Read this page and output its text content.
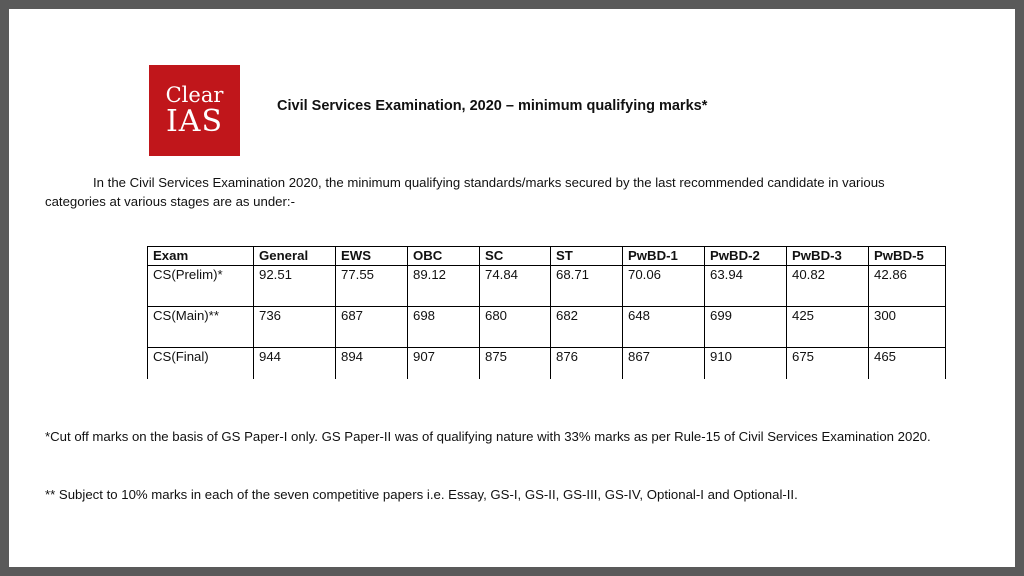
Clear
IAS	Civil Services Examination, 2020 – minimum qualifying marks*
In the Civil Services Examination 2020, the minimum qualifying standards/marks secured by the last recommended candidate in various
categories at various stages are as under:-
Exam	General	EWS	OBC	SC	ST	PwBD-1	PwBD-2	PwBD-3	PwBD-5
CS(Prelim)*	92.51	77.55	89.12	74.84	68.71	70.06	63.94	40.82	42.86
CS(Main)**	736	687	698	680	682	648	699	425	300
CS(Final)	944	894	907	875	876	867	910	675	465
*Cut off marks on the basis of GS Paper-I only. GS Paper-II was of qualifying nature with 33% marks as per Rule-15 of Civil Services Examination 2020.
** Subject to 10% marks in each of the seven competitive papers i.e. Essay, GS-I, GS-II, GS-III, GS-IV, Optional-I and Optional-II.
